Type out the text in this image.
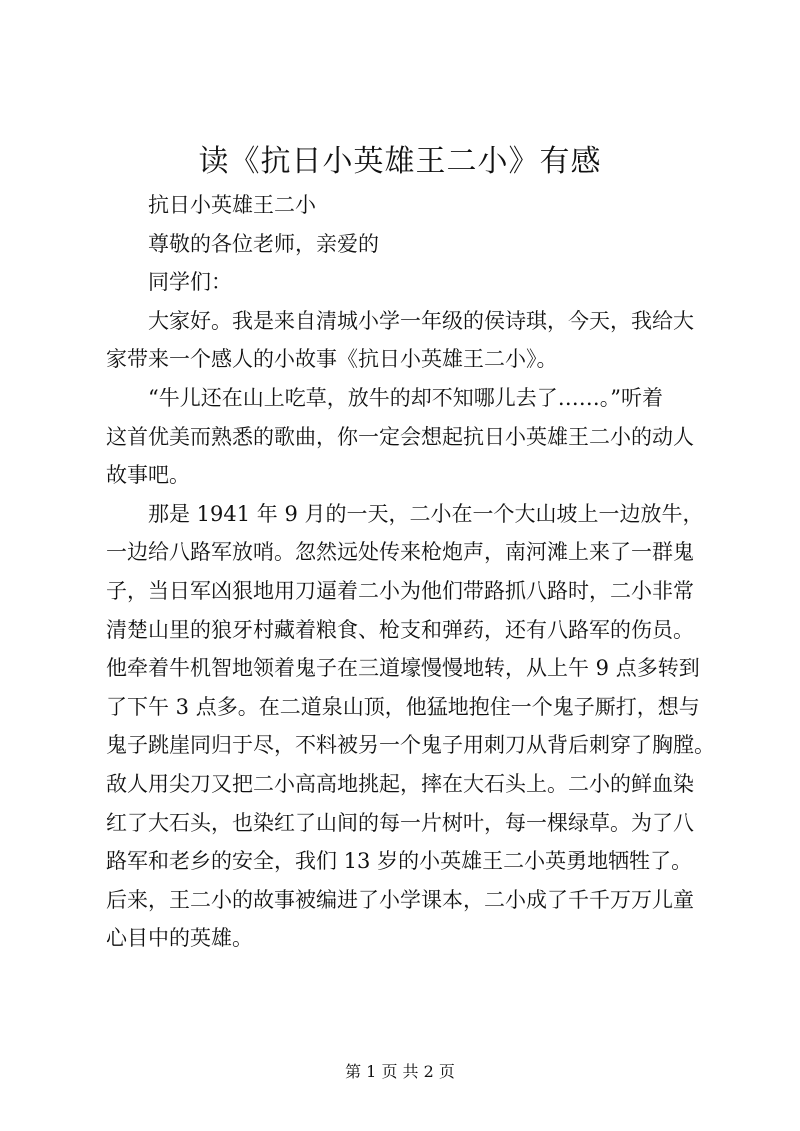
读《抗日小英雄王二小》有感
抗日小英雄王二小
尊敬的各位老师，亲爱的
同学们：
大家好。我是来自清城小学一年级的侯诗琪，今天，我给大
家带来一个感人的小故事《抗日小英雄王二小》。
“牛儿还在山上吃草，放牛的却不知哪儿去了……。”听着
这首优美而熟悉的歌曲，你一定会想起抗日小英雄王二小的动人
故事吧。
那是 1941 年 9 月的一天，二小在一个大山坡上一边放牛，
一边给八路军放哨。忽然远处传来枪炮声，南河滩上来了一群鬼
子，当日军凶狠地用刀逼着二小为他们带路抓八路时，二小非常
清楚山里的狼牙村藏着粮食、枪支和弹药，还有八路军的伤员。
他牵着牛机智地领着鬼子在三道壕慢慢地转，从上午 9 点多转到
了下午 3 点多。在二道泉山顶，他猛地抱住一个鬼子厮打，想与
鬼子跳崖同归于尽，不料被另一个鬼子用刺刀从背后刺穿了胸膛。
敌人用尖刀又把二小高高地挑起，摔在大石头上。二小的鲜血染
红了大石头，也染红了山间的每一片树叶，每一棵绿草。为了八
路军和老乡的安全，我们 13 岁的小英雄王二小英勇地牺牲了。
后来，王二小的故事被编进了小学课本，二小成了千千万万儿童
心目中的英雄。
第 1 页 共 2 页
